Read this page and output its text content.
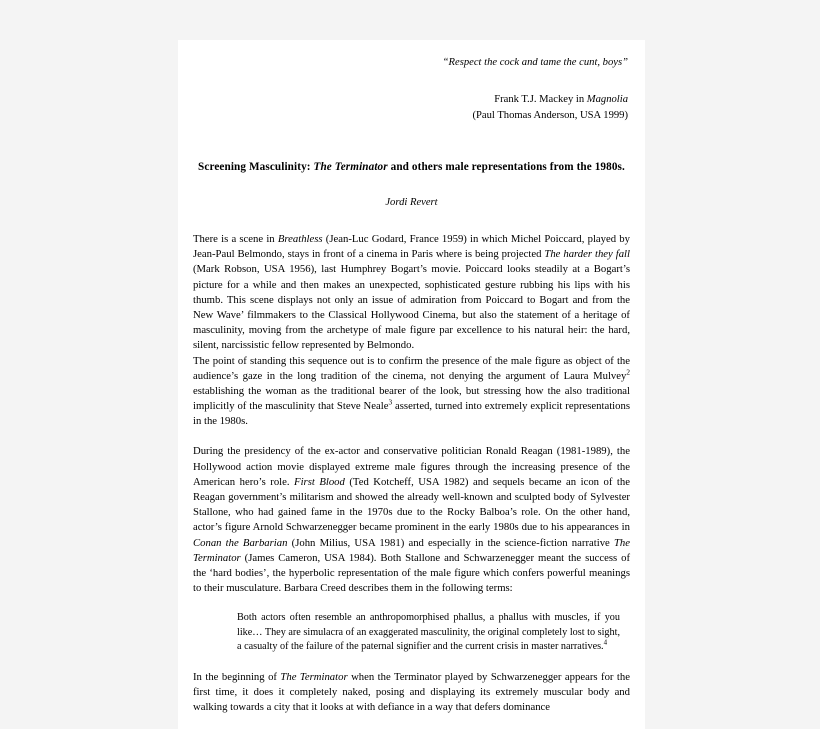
“Respect the cock and tame the cunt, boys”
Frank T.J. Mackey in Magnolia
(Paul Thomas Anderson, USA 1999)
Screening Masculinity: The Terminator and others male representations from the 1980s.
Jordi Revert

There is a scene in Breathless (Jean-Luc Godard, France 1959) in which Michel Poiccard, played by Jean-Paul Belmondo, stays in front of a cinema in Paris where is being projected The harder they fall (Mark Robson, USA 1956), last Humphrey Bogart’s movie. Poiccard looks steadily at a Bogart’s picture for a while and then makes an unexpected, sophisticated gesture rubbing his lips with his thumb. This scene displays not only an issue of admiration from Poiccard to Bogart and from the New Wave’ filmmakers to the Classical Hollywood Cinema, but also the statement of a heritage of masculinity, moving from the archetype of male figure par excellence to his natural heir: the hard, silent, narcissistic fellow represented by Belmondo.

The point of standing this sequence out is to confirm the presence of the male figure as object of the audience’s gaze in the long tradition of the cinema, not denying the argument of Laura Mulvey$^2$ establishing the woman as the traditional bearer of the look, but stressing how the also traditional implicitly of the masculinity that Steve Neale$^3$ asserted, turned into extremely explicit representations in the 1980s.

During the presidency of the ex-actor and conservative politician Ronald Reagan (1981-1989), the Hollywood action movie displayed extreme male figures through the increasing presence of the American hero’s role. First Blood (Ted Kotcheff, USA 1982) and sequels became an icon of the Reagan government’s militarism and showed the already well-known and sculpted body of Sylvester Stallone, who had gained fame in the 1970s due to the Rocky Balboa’s role. On the other hand, actor’s figure Arnold Schwarzenegger became prominent in the early 1980s due to his appearances in Conan the Barbarian (John Milius, USA 1981) and especially in the science-fiction narrative The Terminator (James Cameron, USA 1984). Both Stallone and Schwarzenegger meant the success of the ‘hard bodies’, the hyperbolic representation of the male figure which confers powerful meanings to their musculature. Barbara Creed describes them in the following terms:

Both actors often resemble an anthropomorphised phallus, a phallus with muscles, if you like… They are simulacra of an exaggerated masculinity, the original completely lost to sight, a casualty of the failure of the paternal signifier and the current crisis in master narratives.$^4$

In the beginning of The Terminator when the Terminator played by Schwarzenegger appears for the first time, it does it completely naked, posing and displaying its extremely muscular body and walking towards a city that it looks at with defiance in a way that defers dominance
